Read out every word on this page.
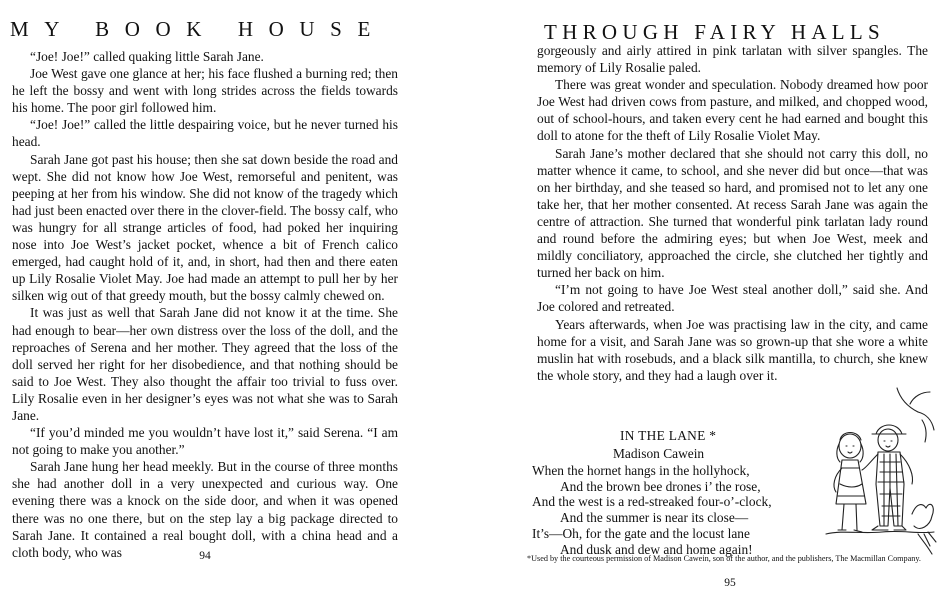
MY BOOK HOUSE

“Joe! Joe!” called quaking little Sarah Jane.

Joe West gave one glance at her; his face flushed a burning red; then he left the bossy and went with long strides across the fields towards his home. The poor girl followed him.

“Joe! Joe!” called the little despairing voice, but he never turned his head.

Sarah Jane got past his house; then she sat down beside the road and wept. She did not know how Joe West, remorseful and penitent, was peeping at her from his window. She did not know of the tragedy which had just been enacted over there in the clover-field. The bossy calf, who was hungry for all strange articles of food, had poked her inquiring nose into Joe West’s jacket pocket, whence a bit of French calico emerged, had caught hold of it, and, in short, had then and there eaten up Lily Rosalie Violet May. Joe had made an attempt to pull her by her silken wig out of that greedy mouth, but the bossy calmly chewed on.

It was just as well that Sarah Jane did not know it at the time. She had enough to bear—her own distress over the loss of the doll, and the reproaches of Serena and her mother. They agreed that the loss of the doll served her right for her disobedience, and that nothing should be said to Joe West. They also thought the affair too trivial to fuss over. Lily Rosalie even in her designer’s eyes was not what she was to Sarah Jane.

“If you’d minded me you wouldn’t have lost it,” said Serena. “I am not going to make you another.”

Sarah Jane hung her head meekly. But in the course of three months she had another doll in a very unexpected and curious way. One evening there was a knock on the side door, and when it was opened there was no one there, but on the step lay a big package directed to Sarah Jane. It contained a real bought doll, with a china head and a cloth body, who was	94
THROUGH FAIRY HALLS

gorgeously and airly attired in pink tarlatan with silver spangles. The memory of Lily Rosalie paled.

There was great wonder and speculation. Nobody dreamed how poor Joe West had driven cows from pasture, and milked, and chopped wood, out of school-hours, and taken every cent he had earned and bought this doll to atone for the theft of Lily Rosalie Violet May.

Sarah Jane’s mother declared that she should not carry this doll, no matter whence it came, to school, and she never did but once—that was on her birthday, and she teased so hard, and promised not to let any one take her, that her mother consented. At recess Sarah Jane was again the centre of attraction. She turned that wonderful pink tarlatan lady round and round before the admiring eyes; but when Joe West, meek and mildly conciliatory, approached the circle, she clutched her tightly and turned her back on him.

“I’m not going to have Joe West steal another doll,” said she. And Joe colored and retreated.

Years afterwards, when Joe was practising law in the city, and came home for a visit, and Sarah Jane was so grown-up that she wore a white muslin hat with rosebuds, and a black silk mantilla, to church, she knew the whole story, and they had a laugh over it.

IN THE LANE *
Madison Cawein
When the hornet hangs in the hollyhock,
And the brown bee drones i’ the rose,
And the west is a red-streaked four-o’-clock,
And the summer is near its close—
It’s—Oh, for the gate and the locust lane
And dusk and dew and home again!
*Used by the courteous permission of Madison Cawein, son of the author, and the publishers, The Macmillan Company.
95
